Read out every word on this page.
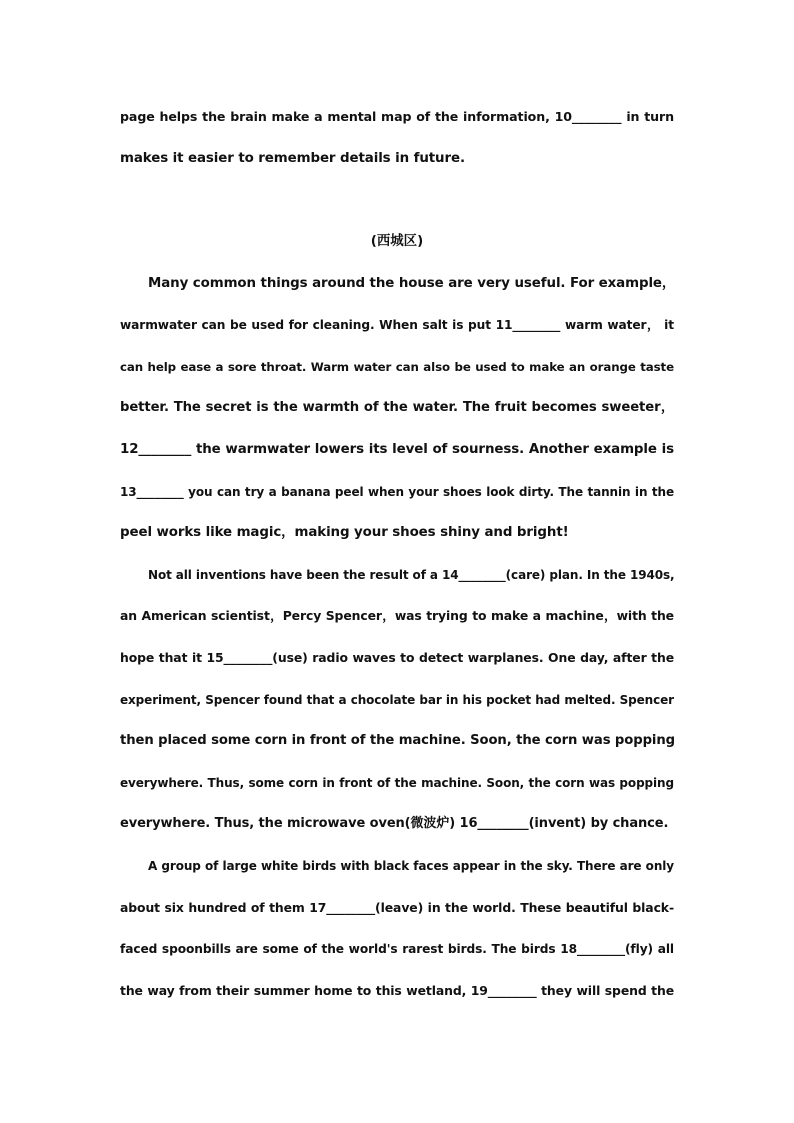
page helps the brain make a mental map of the information, 10________ in turn
makes it easier to remember details in future.
(西城区)
Many common things around the house are very useful. For example，
warmwater can be used for cleaning. When salt is put 11________ warm water， it
can help ease a sore throat. Warm water can also be used to make an orange taste
better. The secret is the warmth of the water. The fruit becomes sweeter，
12________ the warmwater lowers its level of sourness. Another example is
13________ you can try a banana peel when your shoes look dirty. The tannin in the
peel works like magic，making your shoes shiny and bright!
Not all inventions have been the result of a 14________(care) plan. In the 1940s,
an American scientist，Percy Spencer，was trying to make a machine，with the
hope that it 15________(use) radio waves to detect warplanes. One day, after the
experiment, Spencer found that a chocolate bar in his pocket had melted. Spencer
then placed some corn in front of the machine. Soon, the corn was popping
everywhere. Thus, some corn in front of the machine. Soon, the corn was popping
everywhere. Thus, the microwave oven(微波炉) 16________(invent) by chance.
A group of large white birds with black faces appear in the sky. There are only
about six hundred of them 17________(leave) in the world. These beautiful black-
faced spoonbills are some of the world's rarest birds. The birds 18________(fly) all
the way from their summer home to this wetland, 19________ they will spend the
